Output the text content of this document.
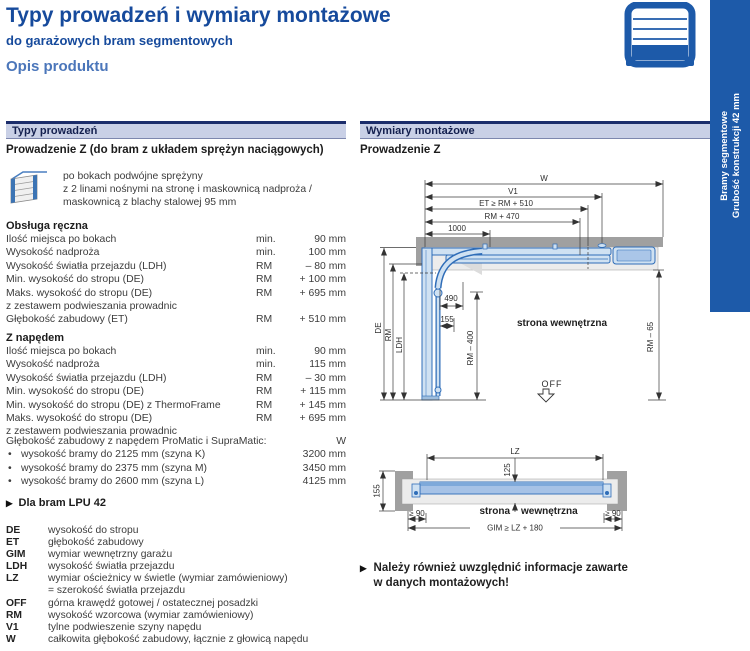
Typy prowadzeń i wymiary montażowe
do garażowych bram segmentowych
Opis produktu
Bramy segmentowe Grubość konstrukcji 42 mm
Typy prowadzeń
Prowadzenie Z (do bram z układem sprężyn naciągowych)
po bokach podwójne sprężyny
z 2 linami nośnymi na stronę i maskownicą nadproża /
maskownicą z blachy stalowej 95 mm
Obsługa ręczna
Ilość miejsca po bokach	min.	90 mm
Wysokość nadproża	min.	100 mm
Wysokość światła przejazdu (LDH)	RM	– 80 mm
Min. wysokość do stropu (DE)	RM	+ 100 mm
Maks. wysokość do stropu (DE)	RM	+ 695 mm
z zestawem podwieszania prowadnic
Głębokość zabudowy (ET)	RM	+ 510 mm
Z napędem
Ilość miejsca po bokach	min.	90 mm
Wysokość nadproża	min.	115 mm
Wysokość światła przejazdu (LDH)	RM	– 30 mm
Min. wysokość do stropu (DE)	RM	+ 115 mm
Min. wysokość do stropu (DE) z ThermoFrame	RM	+ 145 mm
Maks. wysokość do stropu (DE)	RM	+ 695 mm
z zestawem podwieszania prowadnic
Głębokość zabudowy z napędem ProMatic i SupraMatic:	W
•
wysokość bramy do 2125 mm (szyna K)	3200 mm
•
wysokość bramy do 2375 mm (szyna M)	3450 mm
•
wysokość bramy do 2600 mm (szyna L)	4125 mm
▶
Dla bram LPU 42
DE	wysokość do stropu
ET	głębokość zabudowy
GIM	wymiar wewnętrzny garażu
LDH	wysokość światła przejazdu
LZ	wymiar ościeżnicy w świetle (wymiar zamówieniowy)
= szerokość światła przejazdu
OFF	górna krawędź gotowej / ostatecznej posadzki
RM	wysokość wzorcowa (wymiar zamówieniowy)
V1	tylne podwieszenie szyny napędu
W	całkowita głębokość zabudowy, łącznie z głowicą napędu
Wymiary montażowe
Prowadzenie Z
W
V1
ET ≥ RM + 510
RM + 470
1000
490
155
RM – 400	RM – 65
DE
RM
LDH
strona wewnętrzna
OFF
LZ
125
155
≥ 90	≥ 90
GIM ≥ LZ + 180
strona wewnętrzna
▶
Należy również uwzględnić informacje zawarte
w danych montażowych!
